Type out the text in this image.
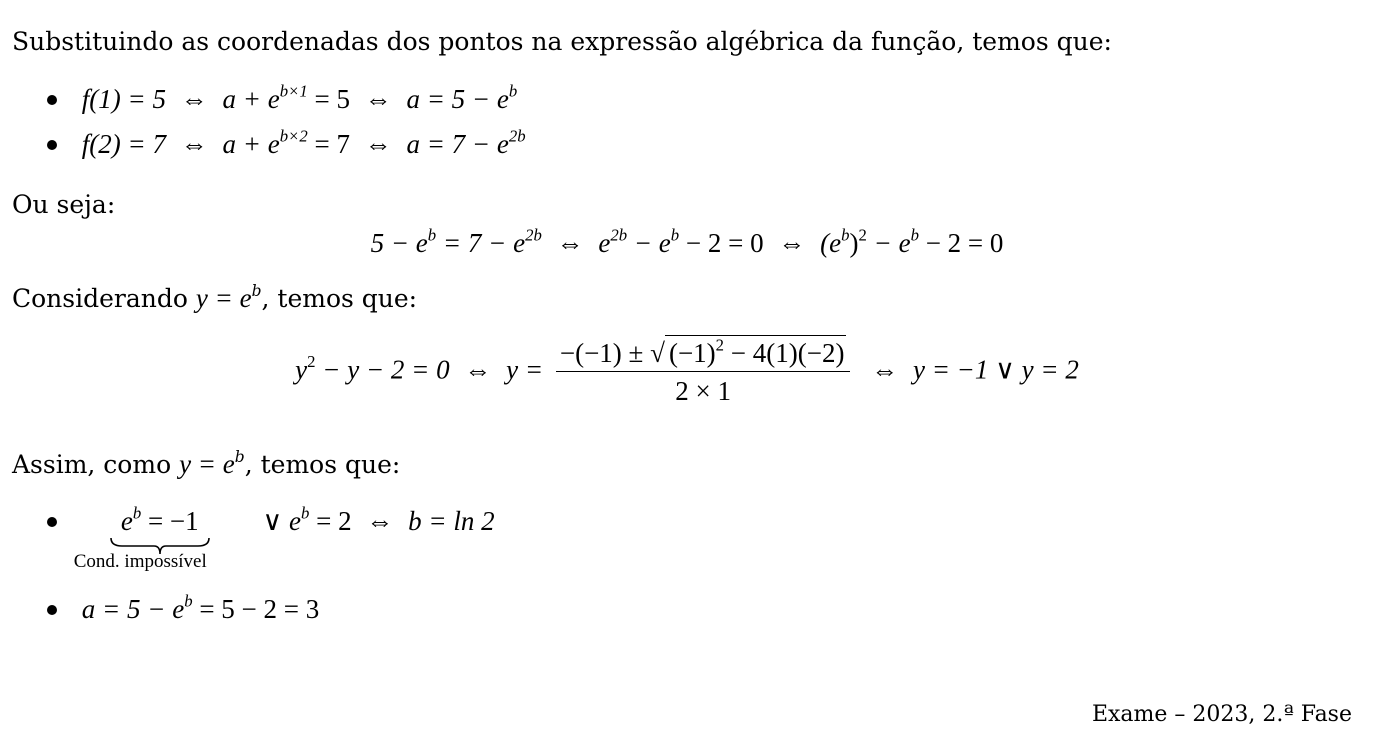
Substituindo as coordenadas dos pontos na expressão algébrica da função, temos que:
f(1) = 5 ⇔ $a + e^{b\times 1} = 5$ ⇔ $a = 5 - e^b$
f(2) = 7 ⇔ $a + e^{b\times 2} = 7$ ⇔ $a = 7 - e^{2b}$
Ou seja:
$5 - e^b = 7 - e^{2b}$ ⇔ $e^{2b} - e^b - 2 = 0$ ⇔ $(e^b)^2 - e^b - 2 = 0$
Considerando $y = e^b$, temos que:
$y^2 - y - 2 = 0$ ⇔ $y = \frac{-(-1) \pm √ (-1)^2 - 4(1)(-2)}{2 \times 1}$ ⇔ y = −1 ∨ y = 2
Assim, como $y = e^b$, temos que:
$e^b = -1$
Cond. impossível
∨ $e^b = 2$ ⇔ b = ln 2
$a = 5 - e^b = 5 - 2 = 3$
Exame – 2023, 2.ª Fase
